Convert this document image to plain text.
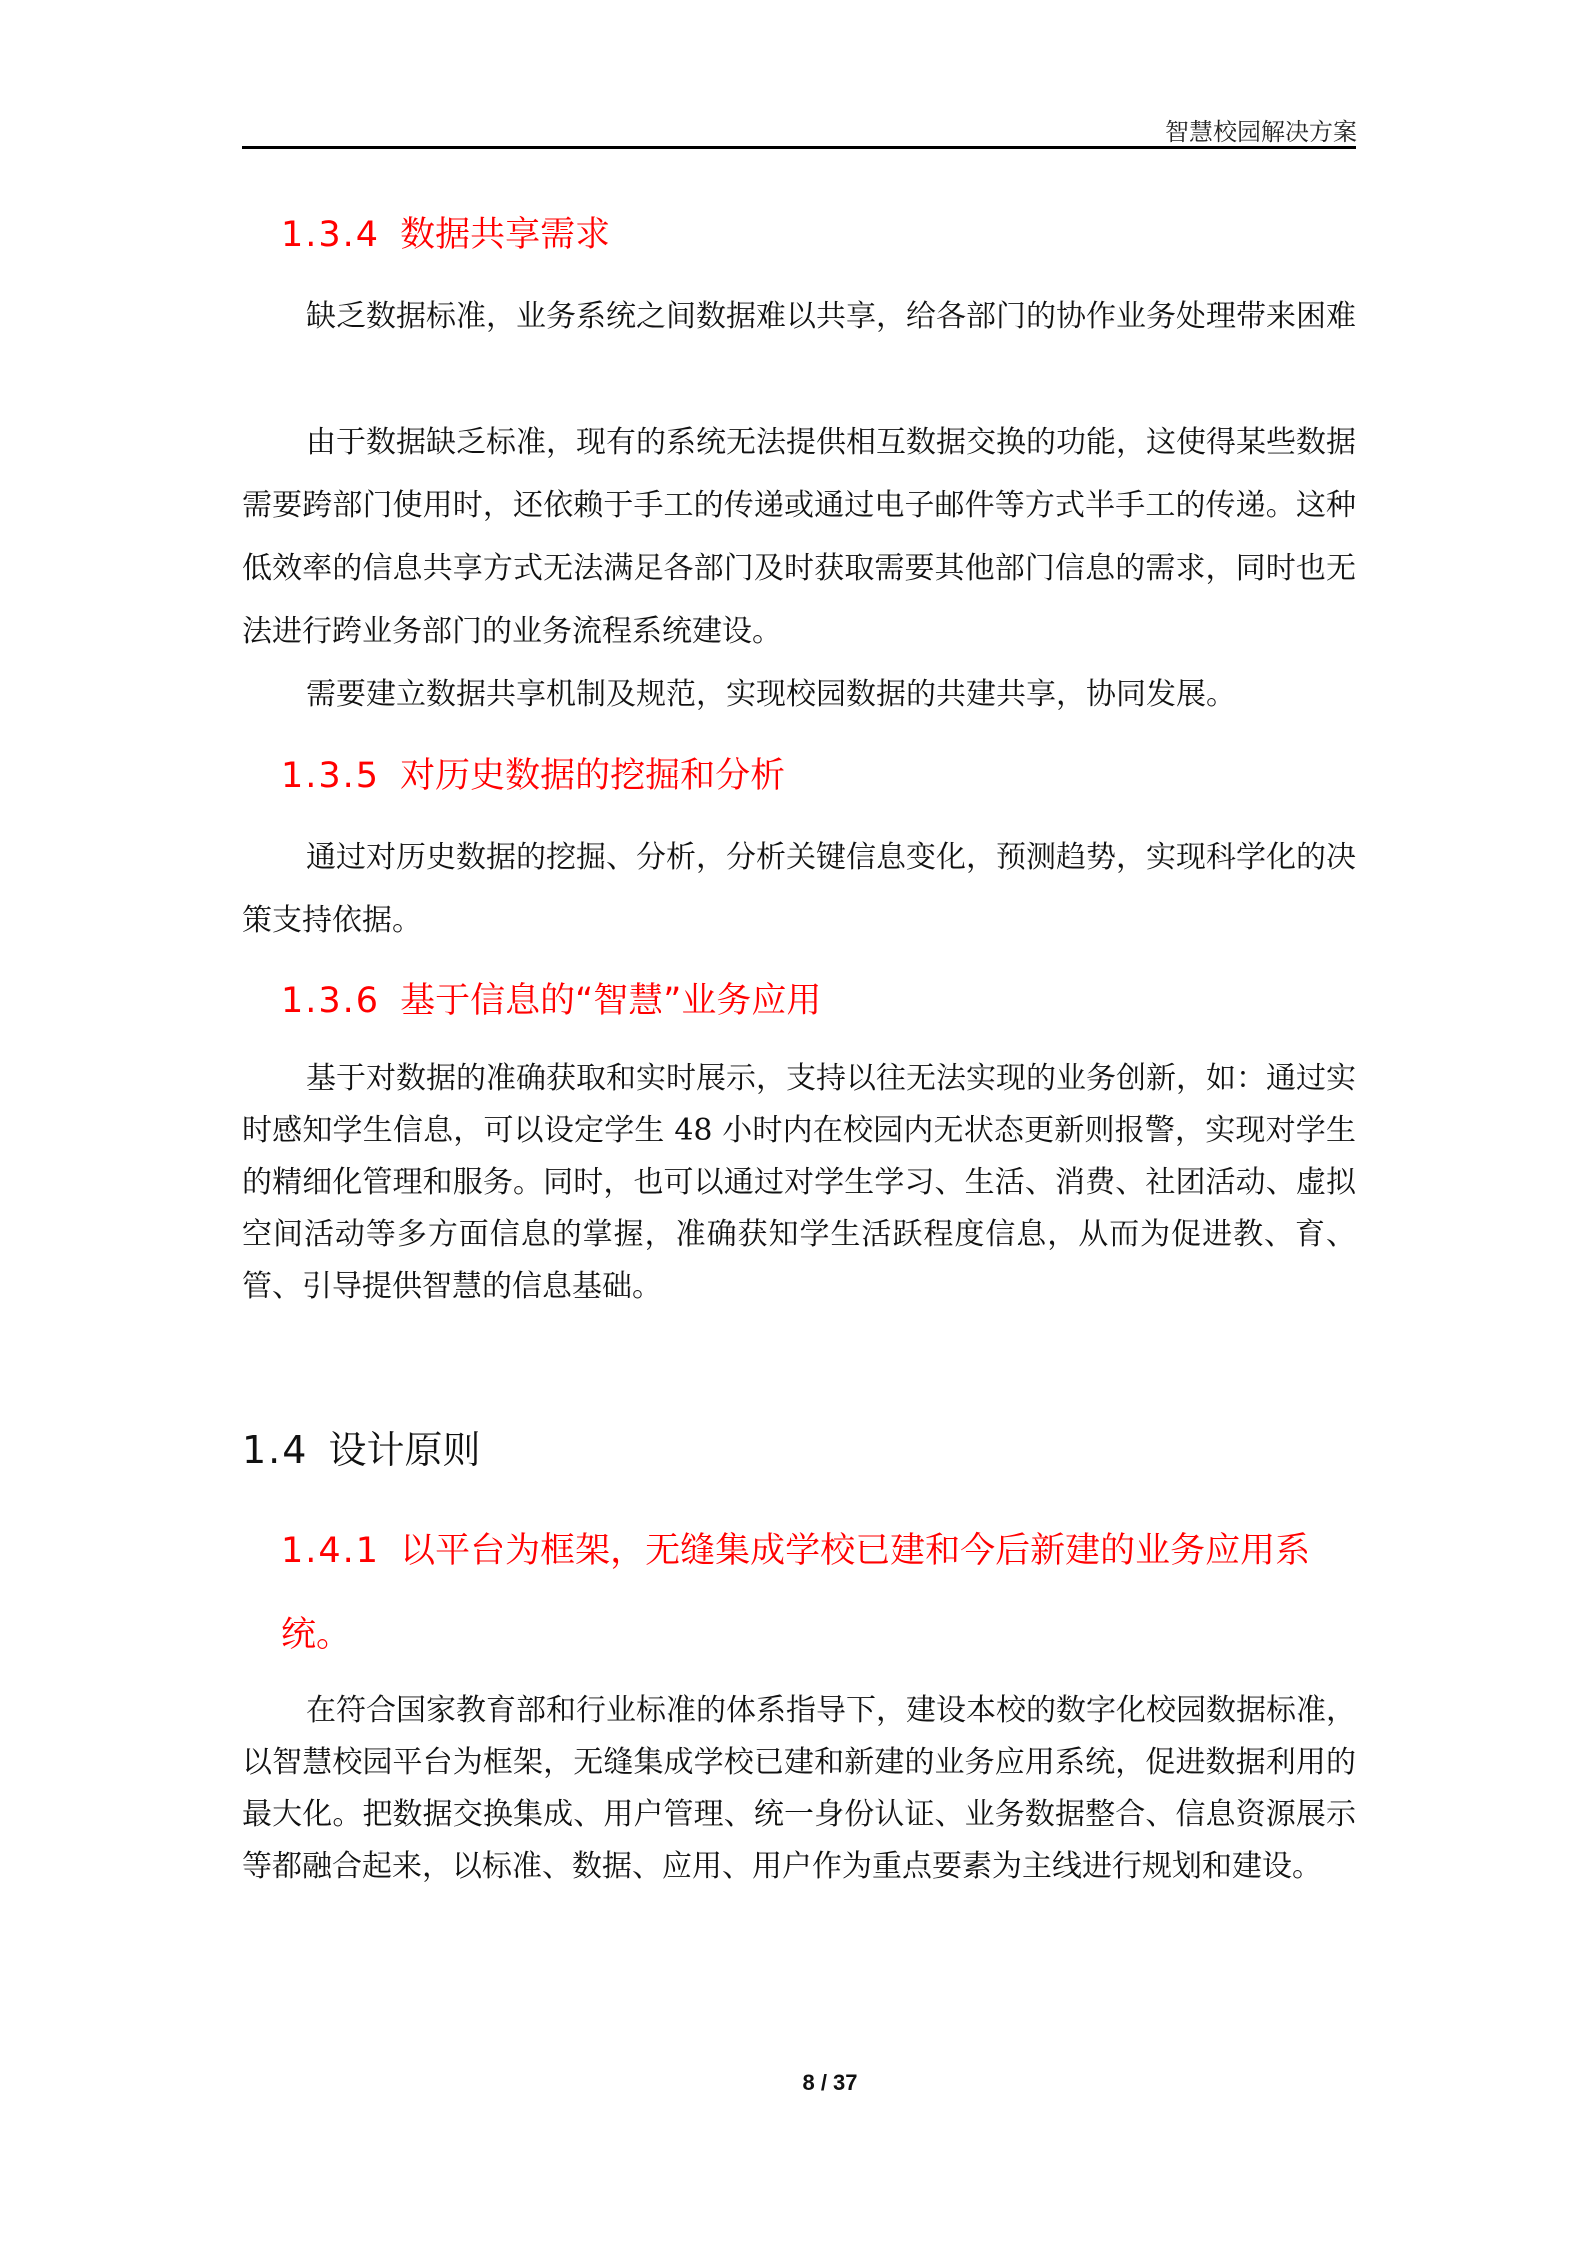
智慧校园解决方案
1.3.4 数据共享需求
缺乏数据标准，业务系统之间数据难以共享，给各部门的协作业务处理带来困难
由于数据缺乏标准，现有的系统无法提供相互数据交换的功能，这使得某些数据需要跨部门使用时，还依赖于手工的传递或通过电子邮件等方式半手工的传递。这种低效率的信息共享方式无法满足各部门及时获取需要其他部门信息的需求，同时也无法进行跨业务部门的业务流程系统建设。
需要建立数据共享机制及规范，实现校园数据的共建共享，协同发展。
1.3.5 对历史数据的挖掘和分析
通过对历史数据的挖掘、分析，分析关键信息变化，预测趋势，实现科学化的决策支持依据。
1.3.6 基于信息的“智慧”业务应用
基于对数据的准确获取和实时展示，支持以往无法实现的业务创新，如：通过实时感知学生信息，可以设定学生 48 小时内在校园内无状态更新则报警，实现对学生的精细化管理和服务。同时，也可以通过对学生学习、生活、消费、社团活动、虚拟空间活动等多方面信息的掌握，准确获知学生活跃程度信息，从而为促进教、育、管、引导提供智慧的信息基础。
1.4 设计原则
1.4.1 以平台为框架，无缝集成学校已建和今后新建的业务应用系统。
在符合国家教育部和行业标准的体系指导下，建设本校的数字化校园数据标准，以智慧校园平台为框架，无缝集成学校已建和新建的业务应用系统，促进数据利用的最大化。把数据交换集成、用户管理、统一身份认证、业务数据整合、信息资源展示等都融合起来，以标准、数据、应用、用户作为重点要素为主线进行规划和建设。
8 / 37
